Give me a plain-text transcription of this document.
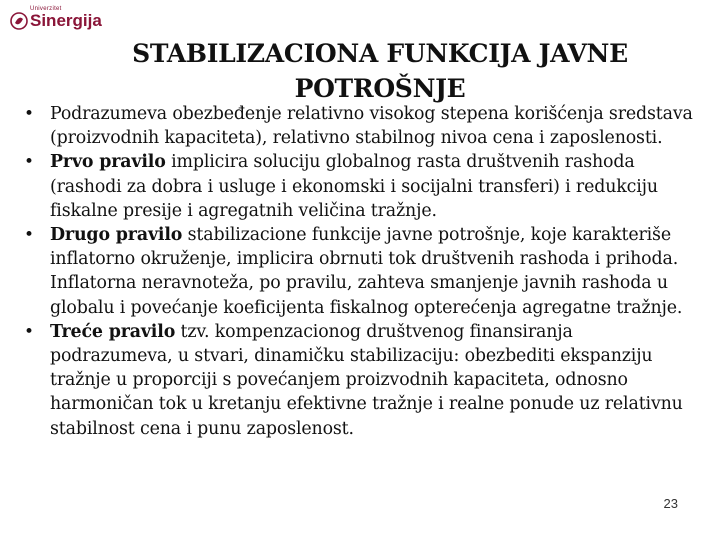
Univerzitet
Sinergija
STABILIZACIONA FUNKCIJA JAVNE POTROŠNJE
• Podrazumeva obezbeđenje relativno visokog stepena korišćenja sredstava (proizvodnih kapaciteta), relativno stabilnog nivoa cena i zaposlenosti.
• Prvo pravilo implicira soluciju globalnog rasta društvenih rashoda (rashodi za dobra i usluge i ekonomski i socijalni transferi) i redukciju fiskalne presije i agregatnih veličina tražnje.
• Drugo pravilo stabilizacione funkcije javne potrošnje, koje karakteriše inflatorno okruženje, implicira obrnuti tok društvenih rashoda i prihoda. Inflatorna neravnoteža, po pravilu, zahteva smanjenje javnih rashoda u globalu i povećanje koeficijenta fiskalnog opterećenja agregatne tražnje.
• Treće pravilo tzv. kompenzacionog društvenog finansiranja podrazumeva, u stvari, dinamičku stabilizaciju: obezbediti ekspanziju tražnje u proporciji s povećanjem proizvodnih kapaciteta, odnosno harmoničan tok u kretanju efektivne tražnje i realne ponude uz relativnu stabilnost cena i punu zaposlenost.
23
